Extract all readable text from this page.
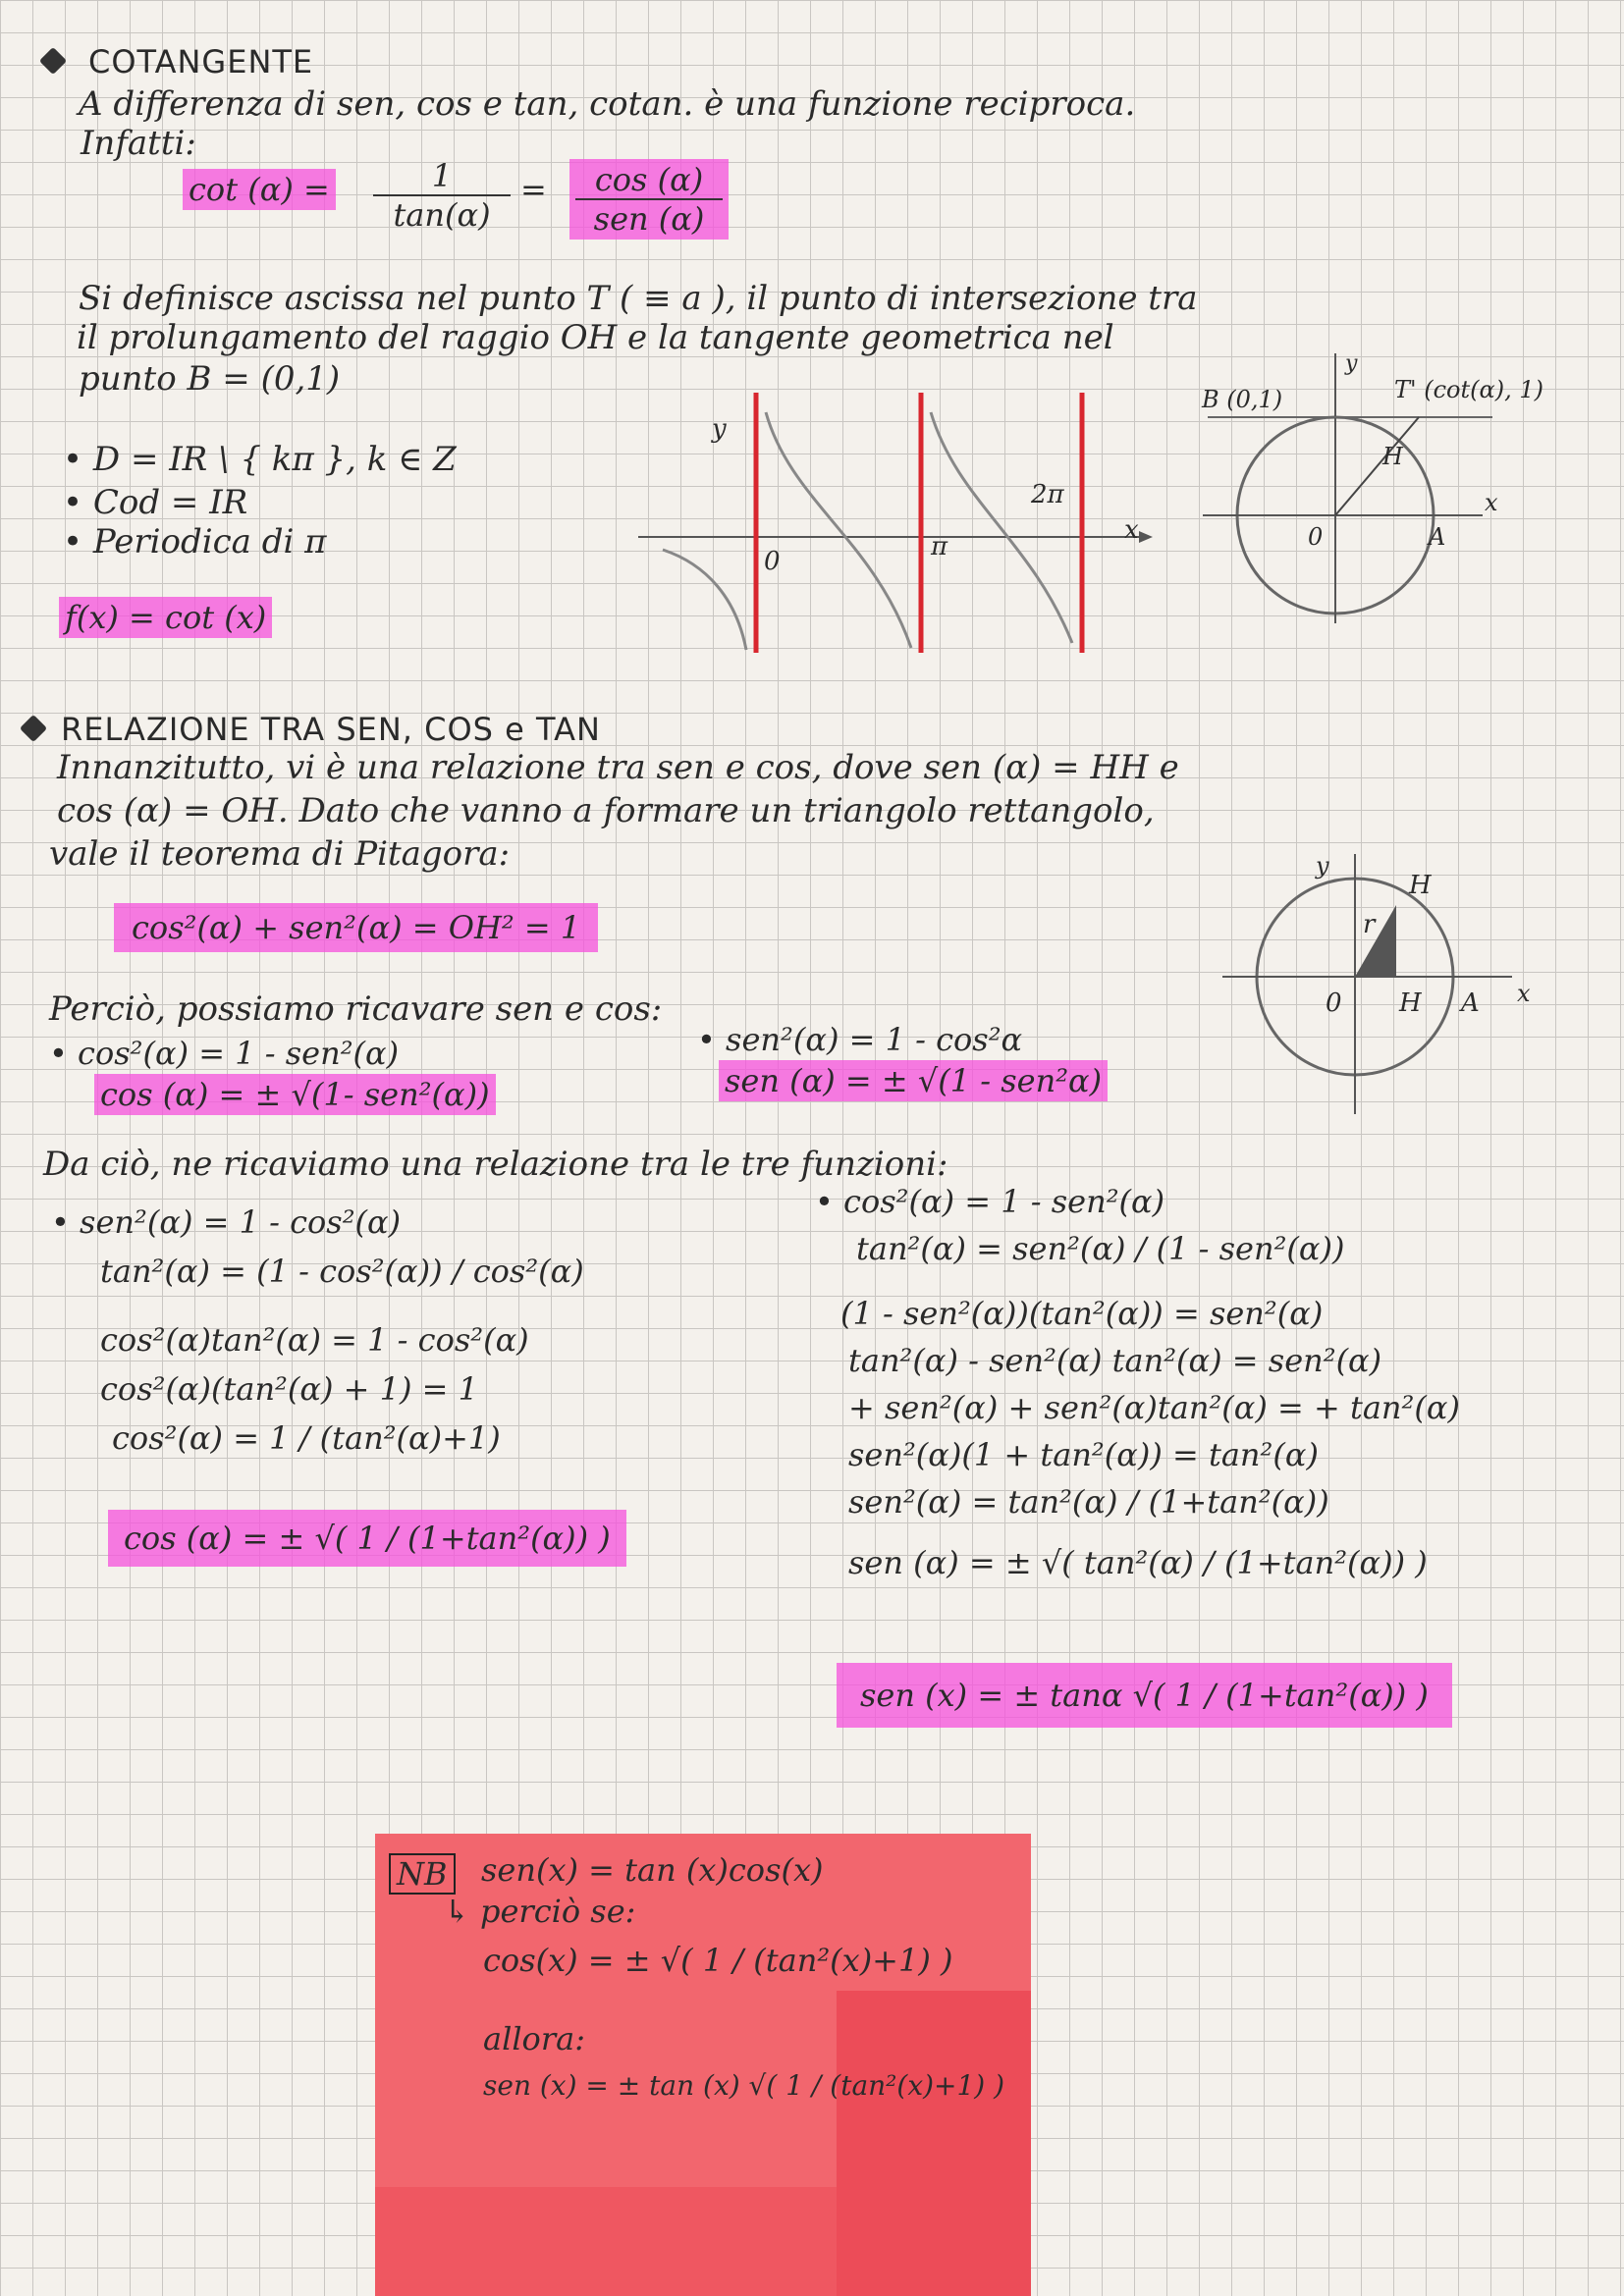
COTANGENTE
A differenza di sen, cos e tan, cotan. è una funzione reciproca.
Infatti:
cot (α) =	1
tan(α)
=	cos (α)
sen (α)
Si definisce ascissa nel punto T ( ≡ a ), il punto di intersezione tra
il prolungamento del raggio OH e la tangente geometrica nel
punto B = (0,1)
• D = IR \ { kπ }, k ∈ Z
• Cod = IR
• Periodica di π
f(x) = cot (x)
y
x
0	π
2π
B (0,1)	T' (cot(α), 1)
y
x
H
0	A
RELAZIONE TRA SEN, COS e TAN
Innanzitutto, vi è una relazione tra sen e cos, dove sen (α) = HH e
cos (α) = OH. Dato che vanno a formare un triangolo rettangolo,
vale il teorema di Pitagora:
cos²(α) + sen²(α) = OH² = 1
y
H
r
0 H A x
Perciò, possiamo ricavare sen e cos:
• cos²(α) = 1 - sen²(α)
cos (α) = ± √(1- sen²(α))
• sen²(α) = 1 - cos²α
sen (α) = ± √(1 - sen²α)
Da ciò, ne ricaviamo una relazione tra le tre funzioni:
• sen²(α) = 1 - cos²(α)
tan²(α) = (1 - cos²(α)) / cos²(α)
cos²(α)tan²(α) = 1 - cos²(α)
cos²(α)(tan²(α) + 1) = 1
cos²(α) = 1 / (tan²(α)+1)
cos (α) = ± √( 1 / (1+tan²(α)) )
• cos²(α) = 1 - sen²(α)
tan²(α) = sen²(α) / (1 - sen²(α))
(1 - sen²(α))(tan²(α)) = sen²(α)
tan²(α) - sen²(α) tan²(α) = sen²(α)
+ sen²(α) + sen²(α)tan²(α) = + tan²(α)
sen²(α)(1 + tan²(α)) = tan²(α)
sen²(α) = tan²(α) / (1+tan²(α))
sen (α) = ± √( tan²(α) / (1+tan²(α)) )
sen (x) = ± tanα √( 1 / (1+tan²(α)) )
NB sen(x) = tan (x)cos(x)
↳ perciò se:
cos(x) = ± √( 1 / (tan²(x)+1) )
allora:
sen (x) = ± tan (x) √( 1 / (tan²(x)+1) )
